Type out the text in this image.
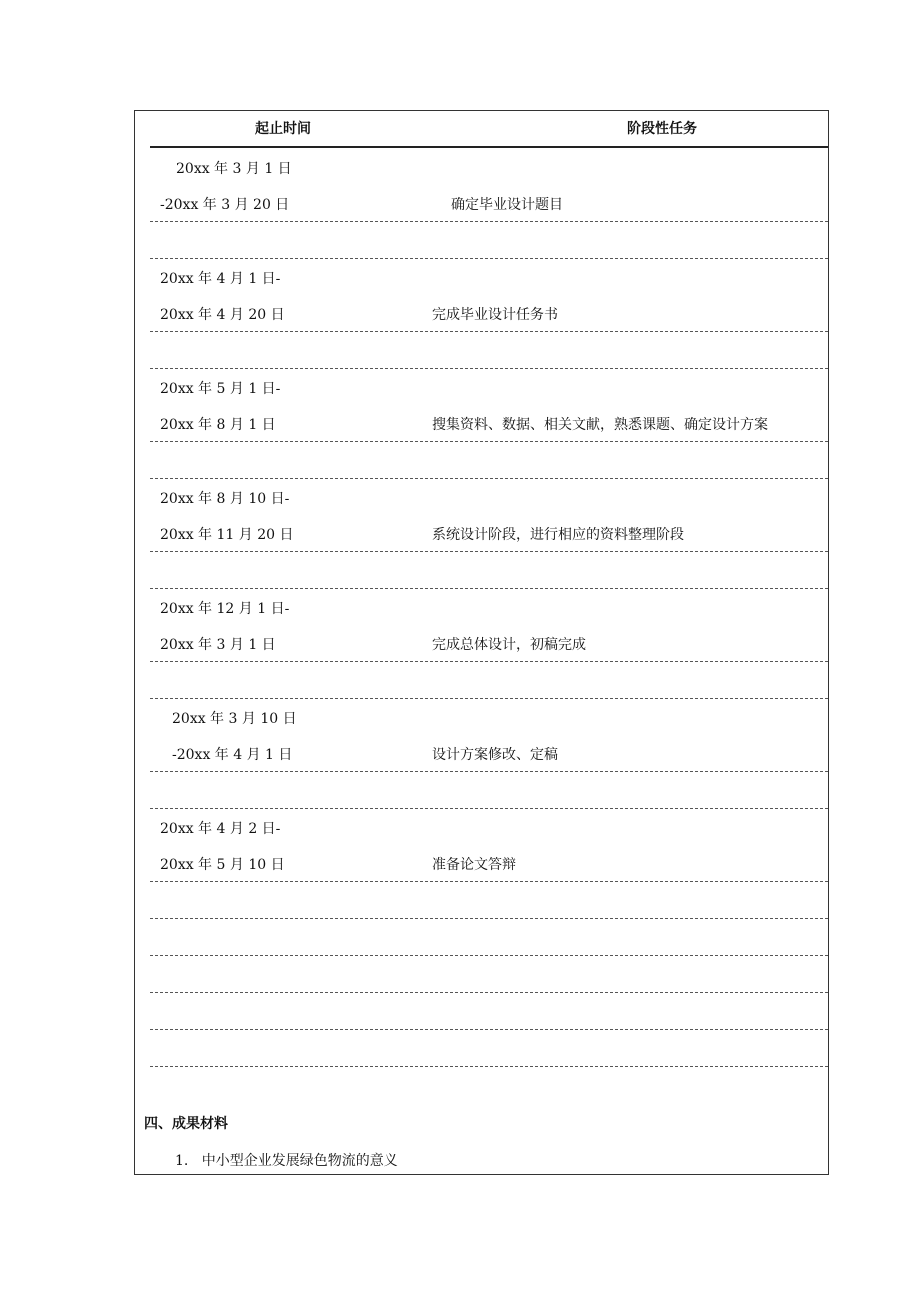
起止时间	阶段性任务
20xx 年 3 月 1 日
-20xx 年 3 月 20 日	确定毕业设计题目
20xx 年 4 月 1 日-
20xx 年 4 月 20 日	完成毕业设计任务书
20xx 年 5 月 1 日-
20xx 年 8 月 1 日	搜集资料、数据、相关文献，熟悉课题、确定设计方案
20xx 年 8 月 10 日-
20xx 年 11 月 20 日	系统设计阶段，进行相应的资料整理阶段
20xx 年 12 月 1 日-
20xx 年 3 月 1 日	完成总体设计，初稿完成
20xx 年 3 月 10 日
-20xx 年 4 月 1 日	设计方案修改、定稿
20xx 年 4 月 2 日-
20xx 年 5 月 10 日	准备论文答辩
四、成果材料
1. 中小型企业发展绿色物流的意义
